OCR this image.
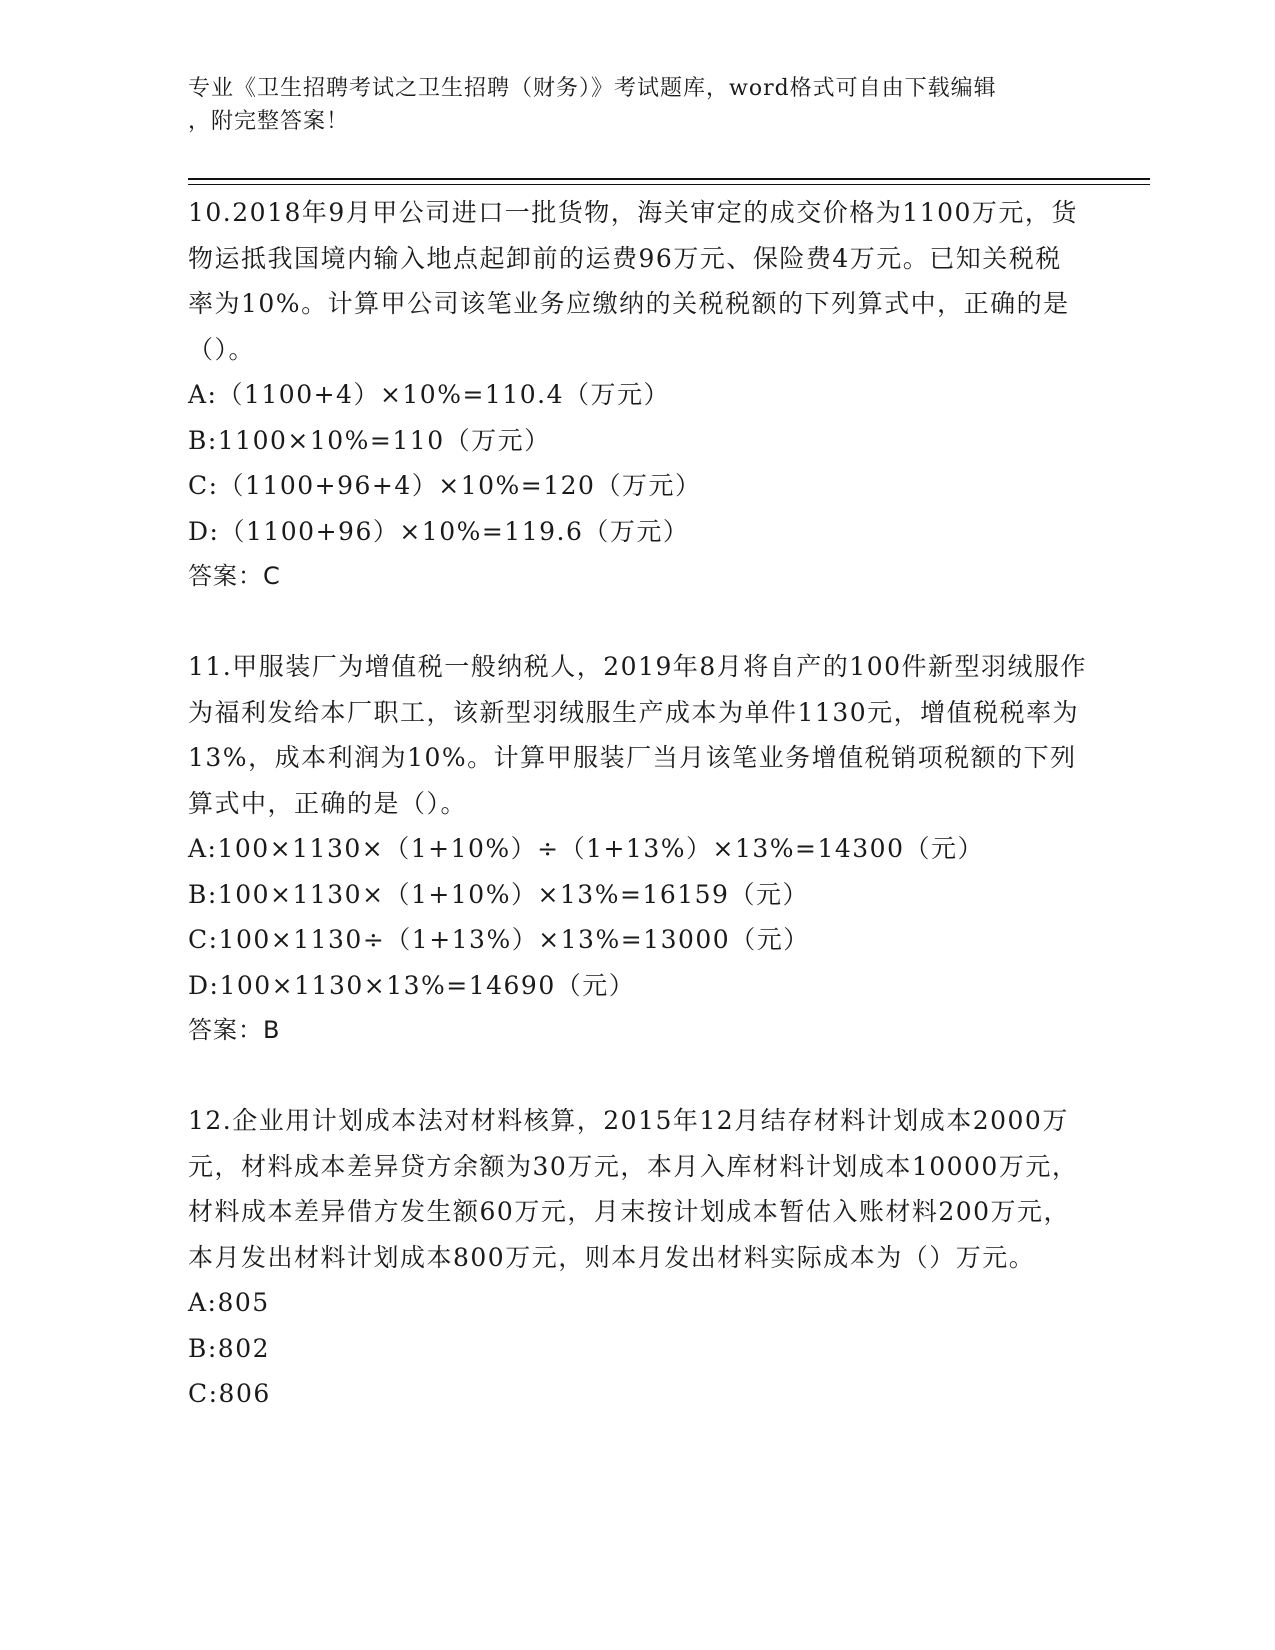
专业《卫生招聘考试之卫生招聘（财务）》考试题库，word格式可自由下载编辑
，附完整答案！

10.2018年9月甲公司进口一批货物，海关审定的成交价格为1100万元，货物运抵我国境内输入地点起卸前的运费96万元、保险费4万元。已知关税税率为10%。计算甲公司该笔业务应缴纳的关税税额的下列算式中，正确的是（）。

A:（1100+4）×10%=110.4（万元）

B:1100×10%=110（万元）

C:（1100+96+4）×10%=120（万元）

D:（1100+96）×10%=119.6（万元）

答案：C

11.甲服装厂为增值税一般纳税人，2019年8月将自产的100件新型羽绒服作为福利发给本厂职工，该新型羽绒服生产成本为单件1130元，增值税税率为13%，成本利润为10%。计算甲服装厂当月该笔业务增值税销项税额的下列算式中，正确的是（）。

A:100×1130×（1+10%）÷（1+13%）×13%=14300（元）

B:100×1130×（1+10%）×13%=16159（元）

C:100×1130÷（1+13%）×13%=13000（元）

D:100×1130×13%=14690（元）

答案：B

12.企业用计划成本法对材料核算，2015年12月结存材料计划成本2000万元，材料成本差异贷方余额为30万元，本月入库材料计划成本10000万元，材料成本差异借方发生额60万元，月末按计划成本暂估入账材料200万元，本月发出材料计划成本800万元，则本月发出材料实际成本为（）万元。

A:805

B:802

C:806
